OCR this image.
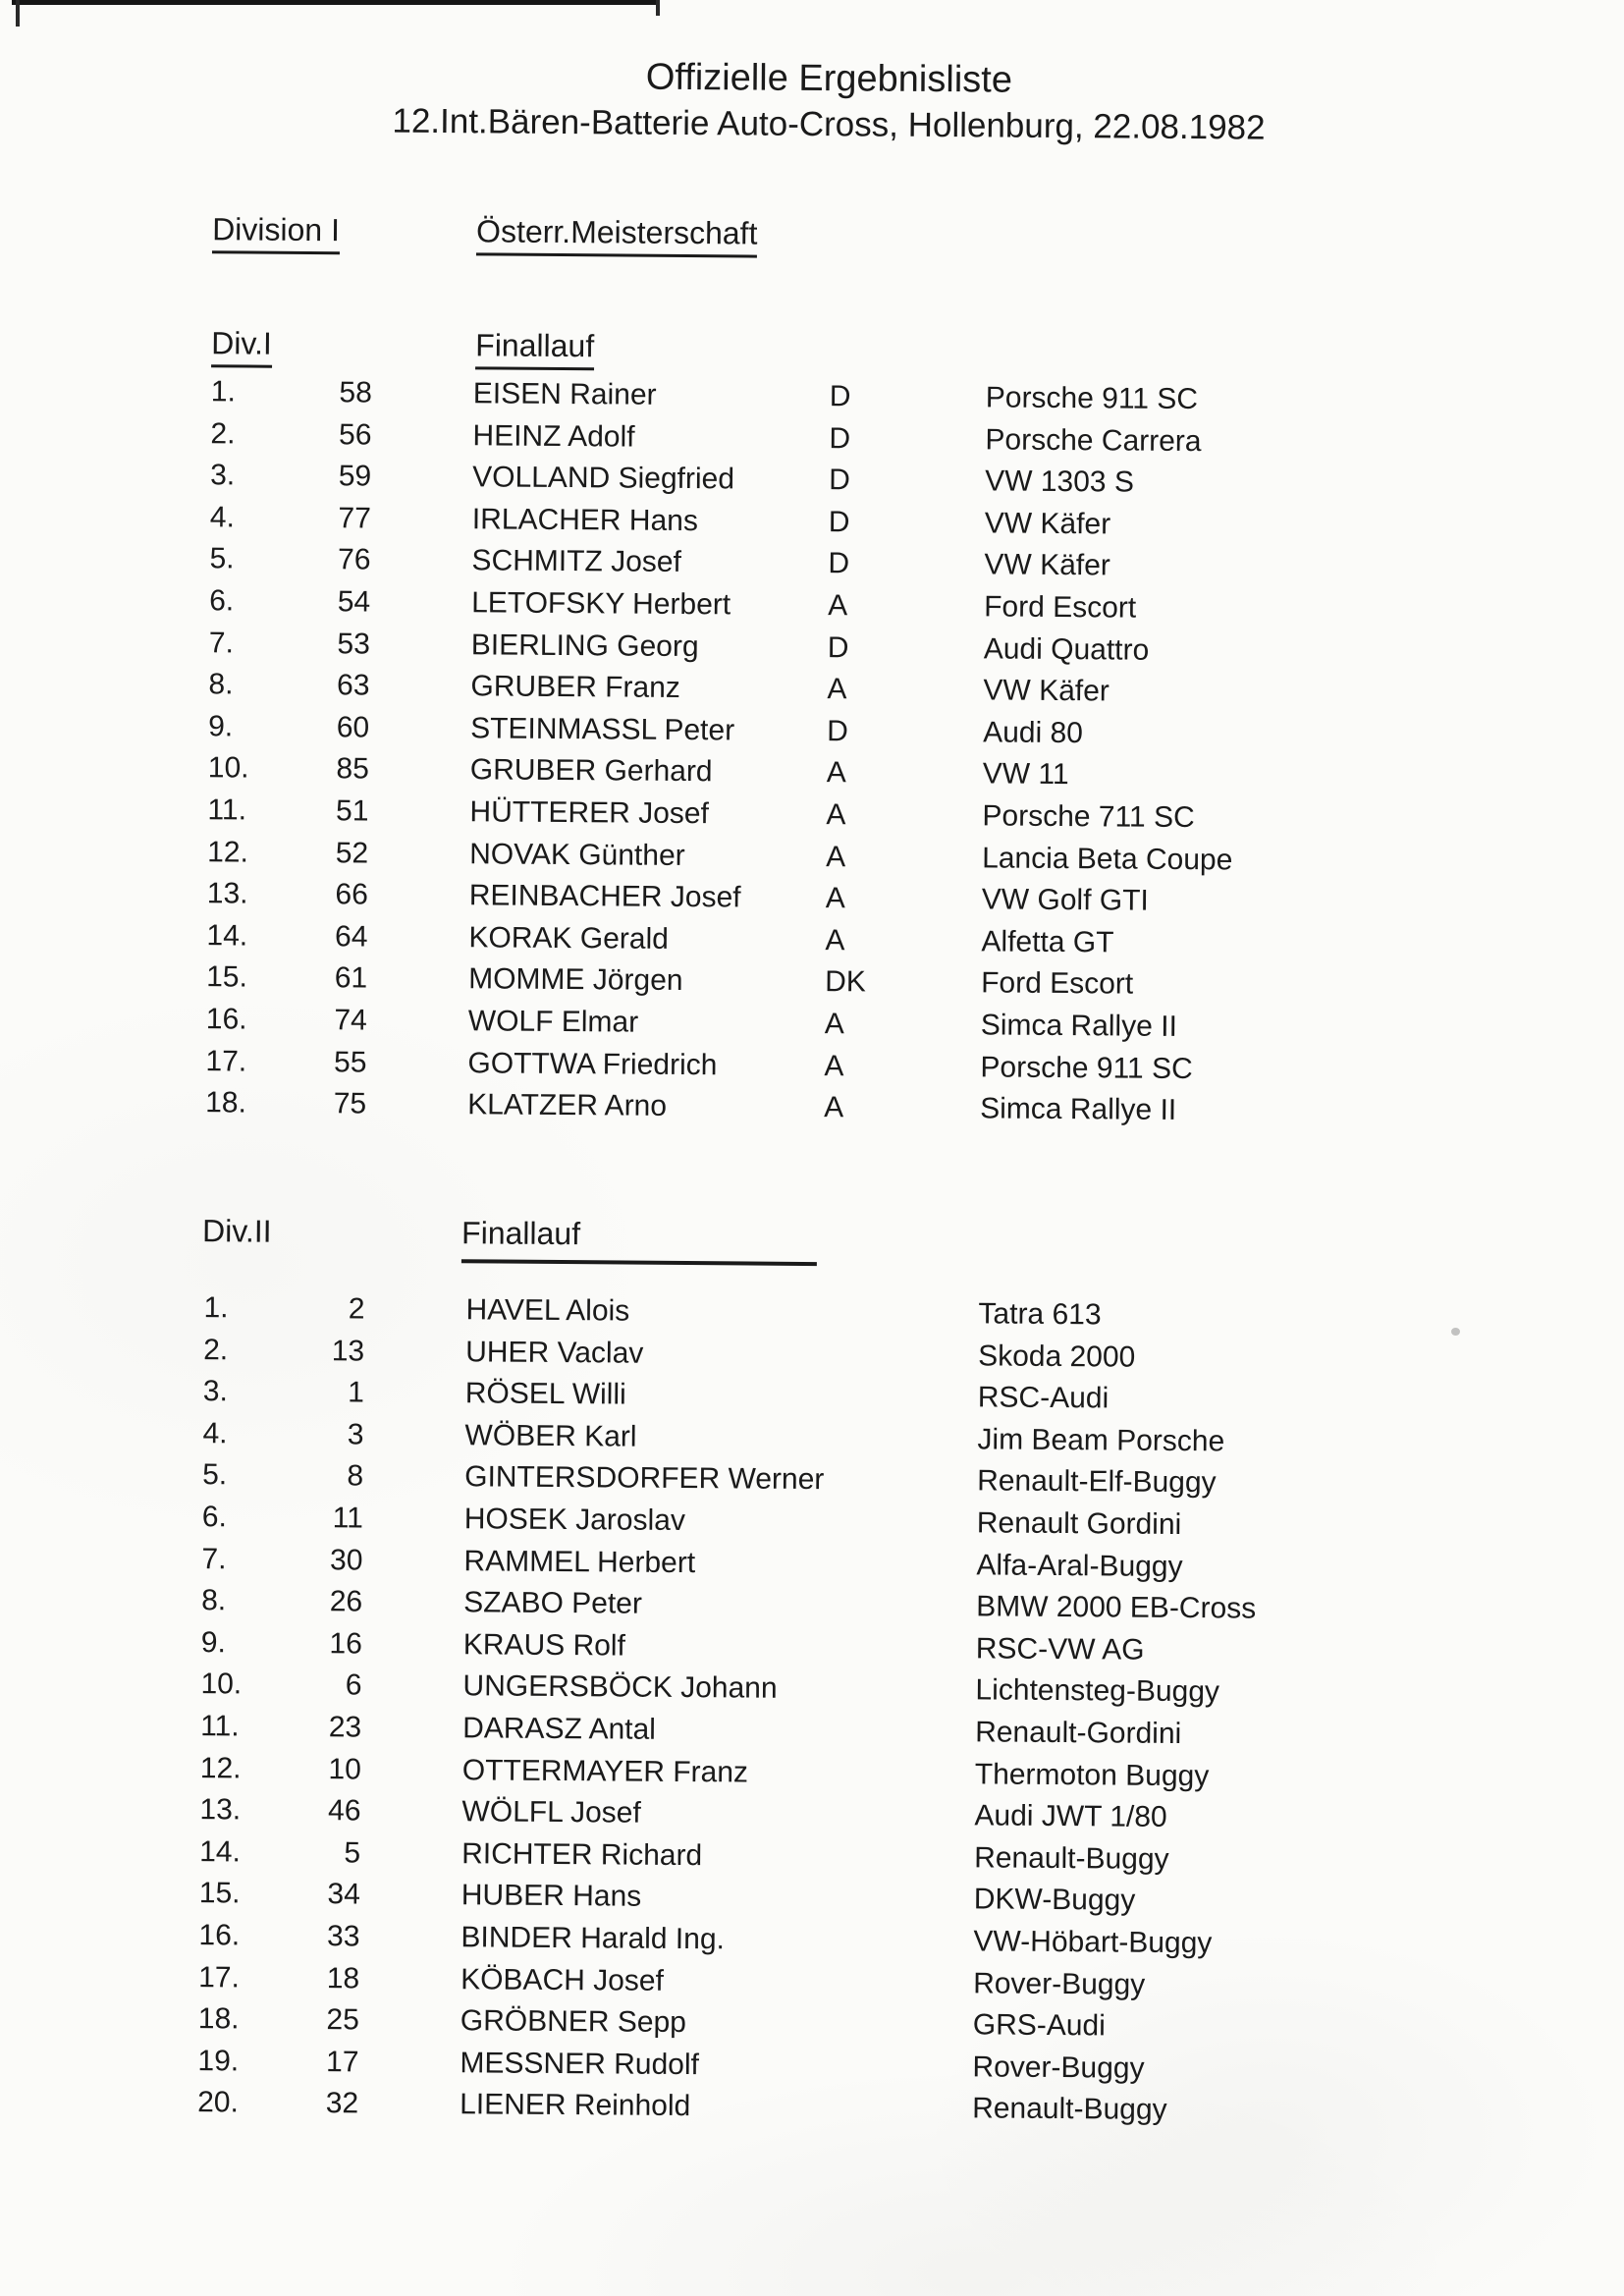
Offizielle Ergebnisliste
12.Int.Bären-Batterie Auto-Cross, Hollenburg, 22.08.1982
Division I	Österr.Meisterschaft
Div.I	Finallauf
1.	58	EISEN Rainer	D	Porsche 911 SC
2.	56	HEINZ Adolf	D	Porsche Carrera
3.	59	VOLLAND Siegfried	D	VW 1303 S
4.	77	IRLACHER Hans	D	VW Käfer
5.	76	SCHMITZ Josef	D	VW Käfer
6.	54	LETOFSKY Herbert	A	Ford Escort
7.	53	BIERLING Georg	D	Audi Quattro
8.	63	GRUBER Franz	A	VW Käfer
9.	60	STEINMASSL Peter	D	Audi 80
10.	85	GRUBER Gerhard	A	VW 11
11.	51	HÜTTERER Josef	A	Porsche 711 SC
12.	52	NOVAK Günther	A	Lancia Beta Coupe
13.	66	REINBACHER Josef	A	VW Golf GTI
14.	64	KORAK Gerald	A	Alfetta GT
15.	61	MOMME Jörgen	DK	Ford Escort
16.	74	WOLF Elmar	A	Simca Rallye II
17.	55	GOTTWA Friedrich	A	Porsche 911 SC
18.	75	KLATZER Arno	A	Simca Rallye II
Div.II	Finallauf
1.	2	HAVEL Alois	Tatra 613
2.	13	UHER Vaclav	Skoda 2000
3.	1	RÖSEL Willi	RSC-Audi
4.	3	WÖBER Karl	Jim Beam Porsche
5.	8	GINTERSDORFER Werner	Renault-Elf-Buggy
6.	11	HOSEK Jaroslav	Renault Gordini
7.	30	RAMMEL Herbert	Alfa-Aral-Buggy
8.	26	SZABO Peter	BMW 2000 EB-Cross
9.	16	KRAUS Rolf	RSC-VW AG
10.	6	UNGERSBÖCK Johann	Lichtensteg-Buggy
11.	23	DARASZ Antal	Renault-Gordini
12.	10	OTTERMAYER Franz	Thermoton Buggy
13.	46	WÖLFL Josef	Audi JWT 1/80
14.	5	RICHTER Richard	Renault-Buggy
15.	34	HUBER Hans	DKW-Buggy
16.	33	BINDER Harald Ing.	VW-Höbart-Buggy
17.	18	KÖBACH Josef	Rover-Buggy
18.	25	GRÖBNER Sepp	GRS-Audi
19.	17	MESSNER Rudolf	Rover-Buggy
20.	32	LIENER Reinhold	Renault-Buggy
